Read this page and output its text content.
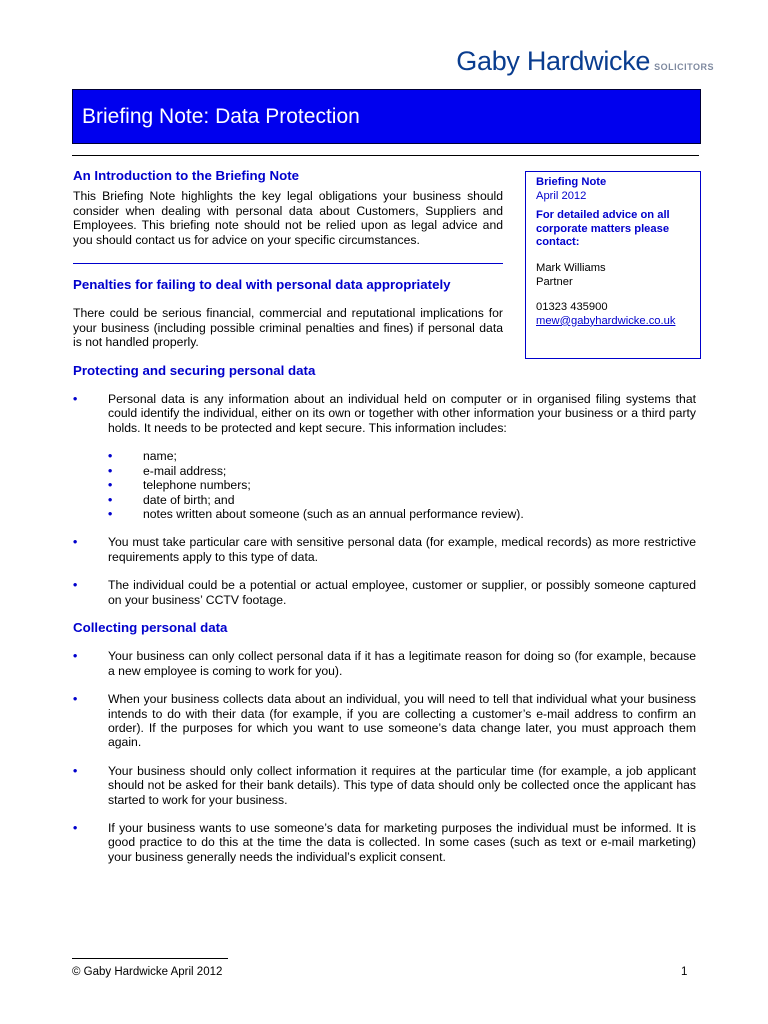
Gaby Hardwicke SOLICITORS
Briefing Note: Data Protection
Briefing Note
April 2012
For detailed advice on all corporate matters please contact:
Mark Williams
Partner
01323 435900
mew@gabyhardwicke.co.uk
An Introduction to the Briefing Note

This Briefing Note highlights the key legal obligations your business should consider when dealing with personal data about Customers, Suppliers and Employees. This briefing note should not be relied upon as legal advice and you should contact us for advice on your specific circumstances.

Penalties for failing to deal with personal data appropriately

There could be serious financial, commercial and reputational implications for your business (including possible criminal penalties and fines) if personal data is not handled properly.

Protecting and securing personal data
•	Personal data is any information about an individual held on computer or in organised filing systems that could identify the individual, either on its own or together with other information your business or a third party holds. It needs to be protected and kept secure. This information includes:
•	name;
•	e-mail address;
•	telephone numbers;
•	date of birth; and
•	notes written about someone (such as an annual performance review).
•	You must take particular care with sensitive personal data (for example, medical records) as more restrictive requirements apply to this type of data.
•	The individual could be a potential or actual employee, customer or supplier, or possibly someone captured on your business’ CCTV footage.
Collecting personal data
•	Your business can only collect personal data if it has a legitimate reason for doing so (for example, because a new employee is coming to work for you).
•	When your business collects data about an individual, you will need to tell that individual what your business intends to do with their data (for example, if you are collecting a customer’s e-mail address to confirm an order). If the purposes for which you want to use someone’s data change later, you must approach them again.
•	Your business should only collect information it requires at the particular time (for example, a job applicant should not be asked for their bank details). This type of data should only be collected once the applicant has started to work for your business.
•	If your business wants to use someone’s data for marketing purposes the individual must be informed. It is good practice to do this at the time the data is collected. In some cases (such as text or e-mail marketing) your business generally needs the individual’s explicit consent.
© Gaby Hardwicke April 2012	1
